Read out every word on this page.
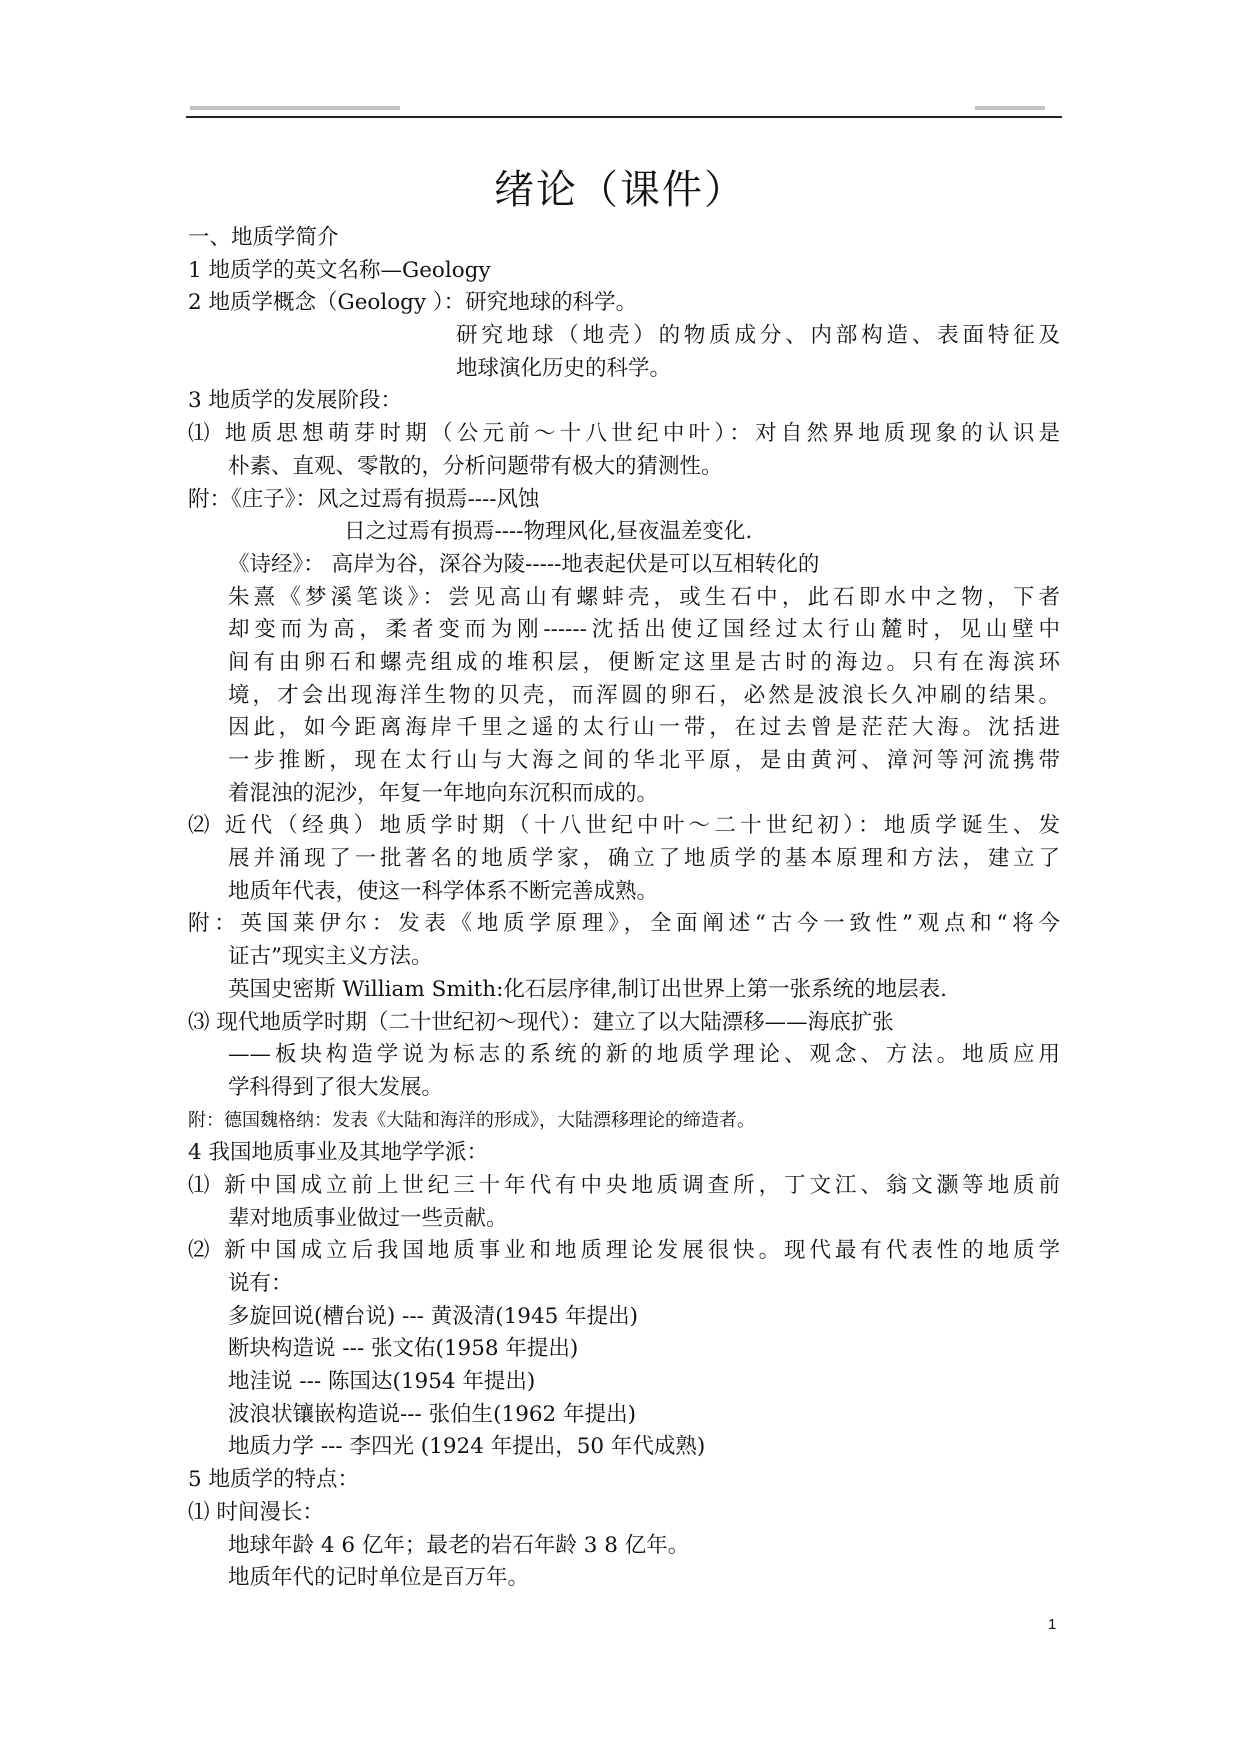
绪论（课件）
一、地质学简介
1 地质学的英文名称—Geology
2 地质学概念（Geology ）：研究地球的科学。
研究地球（地壳）的物质成分、内部构造、表面特征及
地球演化历史的科学。
3 地质学的发展阶段：
⑴ 地质思想萌芽时期（公元前～十八世纪中叶）：对自然界地质现象的认识是
朴素、直观、零散的，分析问题带有极大的猜测性。
附：《庄子》：风之过焉有损焉----风蚀
日之过焉有损焉----物理风化,昼夜温差变化.
《诗经》： 高岸为谷，深谷为陵-----地表起伏是可以互相转化的
朱熹《梦溪笔谈》：尝见高山有螺蚌壳，或生石中，此石即水中之物，下者
却变而为高，柔者变而为刚------沈括出使辽国经过太行山麓时，见山壁中
间有由卵石和螺壳组成的堆积层，便断定这里是古时的海边。只有在海滨环
境，才会出现海洋生物的贝壳，而浑圆的卵石，必然是波浪长久冲刷的结果。
因此，如今距离海岸千里之遥的太行山一带，在过去曾是茫茫大海。沈括进
一步推断，现在太行山与大海之间的华北平原，是由黄河、漳河等河流携带
着混浊的泥沙，年复一年地向东沉积而成的。
⑵ 近代（经典）地质学时期（十八世纪中叶～二十世纪初）：地质学诞生、发
展并涌现了一批著名的地质学家，确立了地质学的基本原理和方法，建立了
地质年代表，使这一科学体系不断完善成熟。
附：英国莱伊尔：发表《地质学原理》，全面阐述“古今一致性”观点和“将今
证古”现实主义方法。
英国史密斯 William Smith:化石层序律,制订出世界上第一张系统的地层表.
⑶ 现代地质学时期（二十世纪初～现代）：建立了以大陆漂移——海底扩张
——板块构造学说为标志的系统的新的地质学理论、观念、方法。地质应用
学科得到了很大发展。
附：德国魏格纳：发表《大陆和海洋的形成》，大陆漂移理论的缔造者。
4 我国地质事业及其地学学派：
⑴ 新中国成立前上世纪三十年代有中央地质调查所，丁文江、翁文灏等地质前
辈对地质事业做过一些贡献。
⑵ 新中国成立后我国地质事业和地质理论发展很快。现代最有代表性的地质学
说有：
多旋回说(槽台说) --- 黄汲清(1945 年提出)
断块构造说 --- 张文佑(1958 年提出)
地洼说 --- 陈国达(1954 年提出)
波浪状镶嵌构造说--- 张伯生(1962 年提出)
地质力学 --- 李四光 (1924 年提出，50 年代成熟)
5 地质学的特点：
⑴ 时间漫长：
地球年龄 4 6 亿年；最老的岩石年龄 3 8 亿年。
地质年代的记时单位是百万年。
1
